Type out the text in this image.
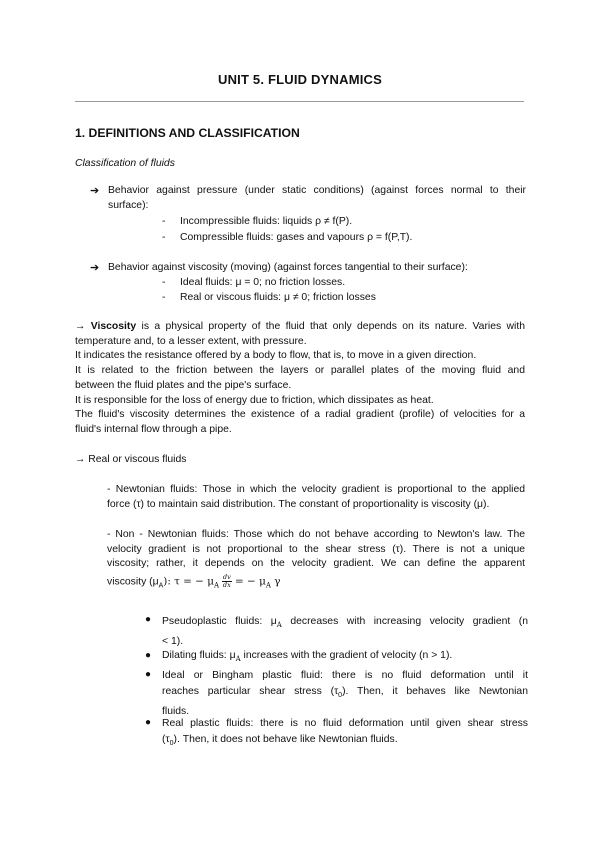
UNIT 5. FLUID DYNAMICS
1. DEFINITIONS AND CLASSIFICATION
Classification of fluids
➔ Behavior against pressure (under static conditions) (against forces normal to their
surface):
- Incompressible fluids: liquids ρ ≠ f(P).
- Compressible fluids: gases and vapours ρ = f(P,T).
➔ Behavior against viscosity (moving) (against forces tangential to their surface):
- Ideal fluids: μ = 0; no friction losses.
- Real or viscous fluids: μ ≠ 0; friction losses
→ Viscosity is a physical property of the fluid that only depends on its nature. Varies with
temperature and, to a lesser extent, with pressure.
It indicates the resistance offered by a body to flow, that is, to move in a given direction.
It is related to the friction between the layers or parallel plates of the moving fluid and
between the fluid plates and the pipe's surface.
It is responsible for the loss of energy due to friction, which dissipates as heat.
The fluid's viscosity determines the existence of a radial gradient (profile) of velocities for a
fluid's internal flow through a pipe.
→ Real or viscous fluids
- Newtonian fluids: Those in which the velocity gradient is proportional to the applied
force (τ) to maintain said distribution. The constant of proportionality is viscosity (μ).
- Non - Newtonian fluids: Those which do not behave according to Newton's law. The
velocity gradient is not proportional to the shear stress (τ). There is not a unique
viscosity; rather, it depends on the velocity gradient. We can define the apparent
viscosity $(\mu_A)$: τ = − $\mu_A \frac{dv}{dx}$ = − $\mu_A$ γ
● Pseudoplastic fluids: $\mu_A$ decreases with increasing velocity gradient (n
< 1).
● Dilating fluids: $\mu_A$ increases with the gradient of velocity (n > 1).
● Ideal or Bingham plastic fluid: there is no fluid deformation until it
reaches particular shear stress $(\tau_0)$. Then, it behaves like Newtonian
fluids.
● Real plastic fluids: there is no fluid deformation until given shear stress
$(\tau_0)$. Then, it does not behave like Newtonian fluids.
